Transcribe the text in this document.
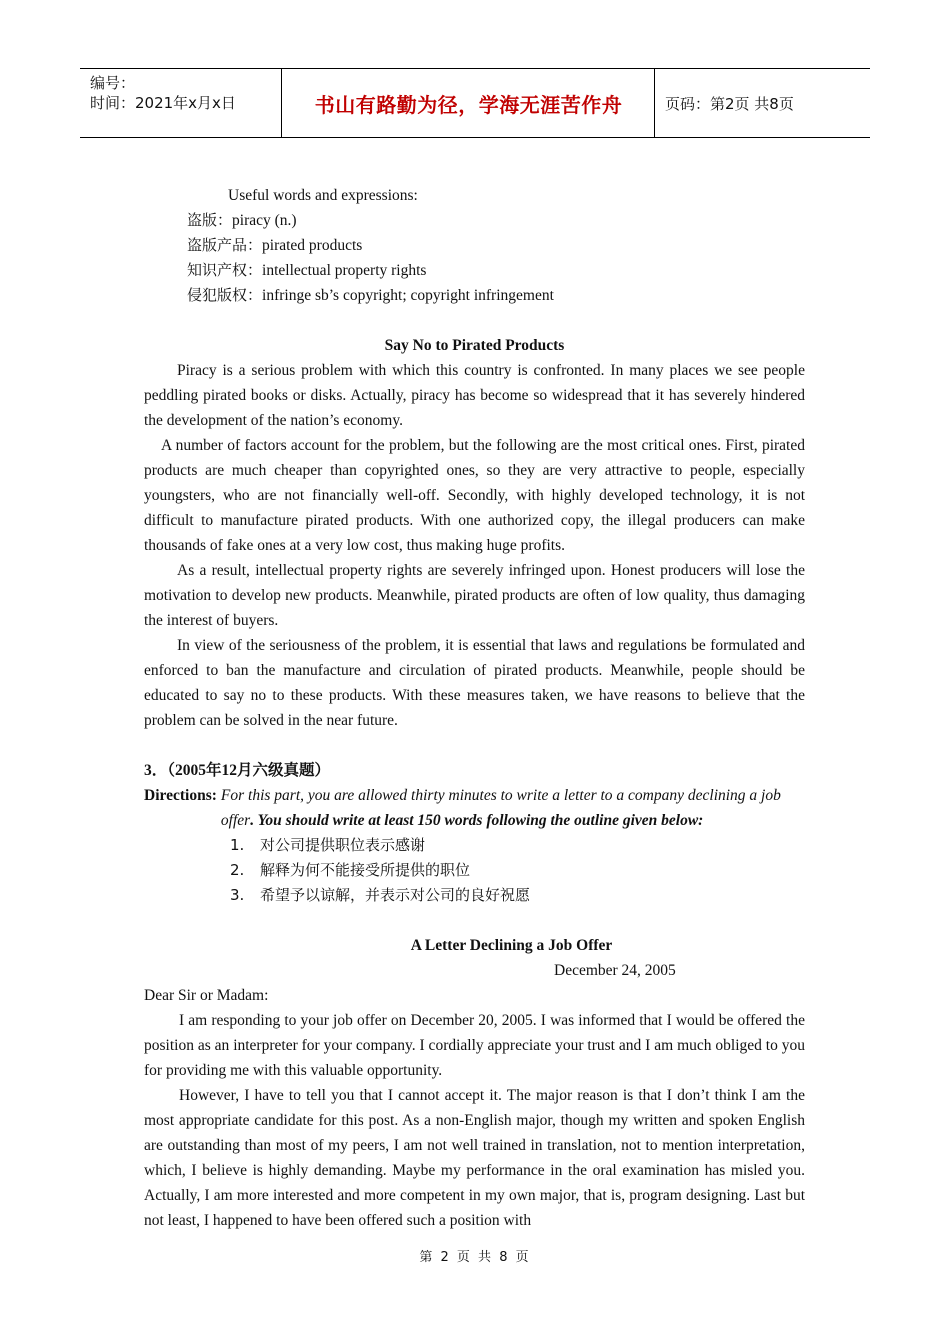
编号：
时间：2021年x月x日	书山有路勤为径，学海无涯苦作舟	页码：第2页 共8页
Useful words and expressions:
盗版：piracy (n.)
盗版产品：pirated products
知识产权：intellectual property rights
侵犯版权：infringe sb’s copyright; copyright infringement
Say No to Pirated Products
Piracy is a serious problem with which this country is confronted. In many places we see people peddling pirated books or disks. Actually, piracy has become so widespread that it has severely hindered the development of the nation’s economy.
A number of factors account for the problem, but the following are the most critical ones. First, pirated products are much cheaper than copyrighted ones, so they are very attractive to people, especially youngsters, who are not financially well-off. Secondly, with highly developed technology, it is not difficult to manufacture pirated products. With one authorized copy, the illegal producers can make thousands of fake ones at a very low cost, thus making huge profits.
As a result, intellectual property rights are severely infringed upon. Honest producers will lose the motivation to develop new products. Meanwhile, pirated products are often of low quality, thus damaging the interest of buyers.
In view of the seriousness of the problem, it is essential that laws and regulations be formulated and enforced to ban the manufacture and circulation of pirated products. Meanwhile, people should be educated to say no to these products. With these measures taken, we have reasons to believe that the problem can be solved in the near future.
3．（2005年12月六级真题）
Directions: For this part, you are allowed thirty minutes to write a letter to a company declining a job offer. You should write at least 150 words following the outline given below:
1.	对公司提供职位表示感谢
2.	解释为何不能接受所提供的职位
3.	希望予以谅解，并表示对公司的良好祝愿
A Letter Declining a Job Offer
December 24, 2005
Dear Sir or Madam:
I am responding to your job offer on December 20, 2005. I was informed that I would be offered the position as an interpreter for your company. I cordially appreciate your trust and I am much obliged to you for providing me with this valuable opportunity.
However, I have to tell you that I cannot accept it. The major reason is that I don’t think I am the most appropriate candidate for this post. As a non-English major, though my written and spoken English are outstanding than most of my peers, I am not well trained in translation, not to mention interpretation, which, I believe is highly demanding. Maybe my performance in the oral examination has misled you. Actually, I am more interested and more competent in my own major, that is, program designing. Last but not least, I happened to have been offered such a position with
第 2 页 共 8 页
